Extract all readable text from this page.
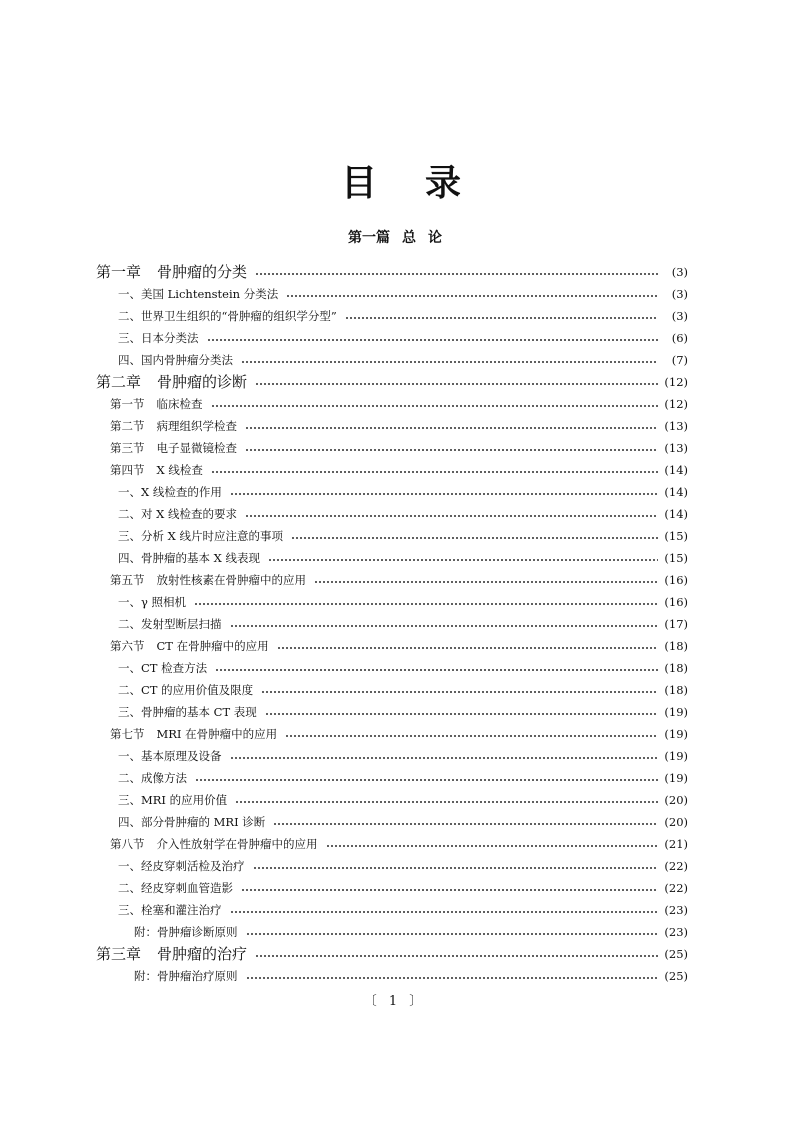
目录
第一篇 总 论
第一章 骨肿瘤的分类	(3)
一、美国 Lichtenstein 分类法	(3)
二、世界卫生组织的“骨肿瘤的组织学分型”	(3)
三、日本分类法	(6)
四、国内骨肿瘤分类法	(7)
第二章 骨肿瘤的诊断	(12)
第一节 临床检查	(12)
第二节 病理组织学检查	(13)
第三节 电子显微镜检查	(13)
第四节 X 线检查	(14)
一、X 线检查的作用	(14)
二、对 X 线检查的要求	(14)
三、分析 X 线片时应注意的事项	(15)
四、骨肿瘤的基本 X 线表现	(15)
第五节 放射性核素在骨肿瘤中的应用	(16)
一、γ 照相机	(16)
二、发射型断层扫描	(17)
第六节 CT 在骨肿瘤中的应用	(18)
一、CT 检查方法	(18)
二、CT 的应用价值及限度	(18)
三、骨肿瘤的基本 CT 表现	(19)
第七节 MRI 在骨肿瘤中的应用	(19)
一、基本原理及设备	(19)
二、成像方法	(19)
三、MRI 的应用价值	(20)
四、部分骨肿瘤的 MRI 诊断	(20)
第八节 介入性放射学在骨肿瘤中的应用	(21)
一、经皮穿刺活检及治疗	(22)
二、经皮穿刺血管造影	(22)
三、栓塞和灌注治疗	(23)
附：骨肿瘤诊断原则	(23)
第三章 骨肿瘤的治疗	(25)
附：骨肿瘤治疗原则	(25)
〔 1 〕
